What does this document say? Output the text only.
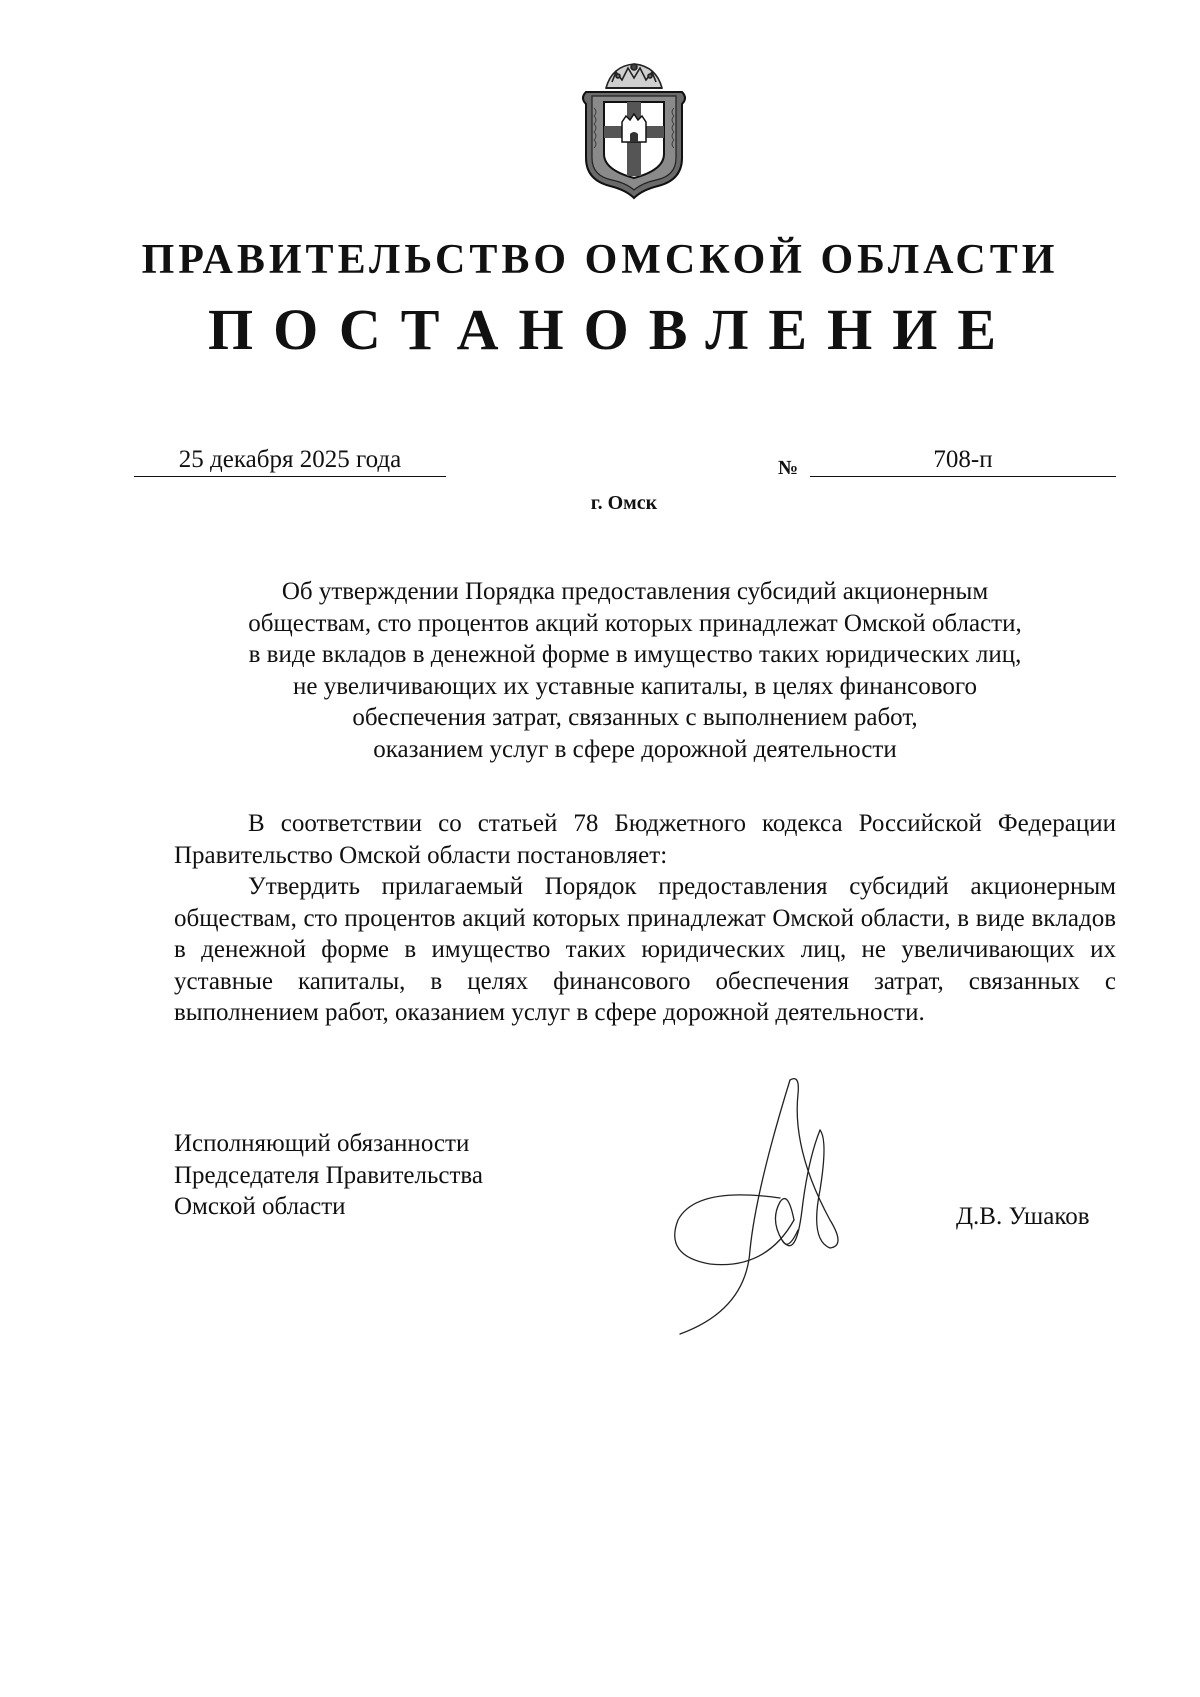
ПРАВИТЕЛЬСТВО ОМСКОЙ ОБЛАСТИ
ПОСТАНОВЛЕНИЕ
25 декабря 2025 года	№	708-п
г. Омск
Об утверждении Порядка предоставления субсидий акционерным
обществам, сто процентов акций которых принадлежат Омской области,
в виде вкладов в денежной форме в имущество таких юридических лиц,
не увеличивающих их уставные капиталы, в целях финансового
обеспечения затрат, связанных с выполнением работ,
оказанием услуг в сфере дорожной деятельности

В соответствии со статьей 78 Бюджетного кодекса Российской Федерации Правительство Омской области постановляет:

Утвердить прилагаемый Порядок предоставления субсидий акционерным обществам, сто процентов акций которых принадлежат Омской области, в виде вкладов в денежной форме в имущество таких юридических лиц, не увеличивающих их уставные капиталы, в целях финансового обеспечения затрат, связанных с выполнением работ, оказанием услуг в сфере дорожной деятельности.

Исполняющий обязанности
Председателя Правительства
Омской области	Д.В. Ушаков
